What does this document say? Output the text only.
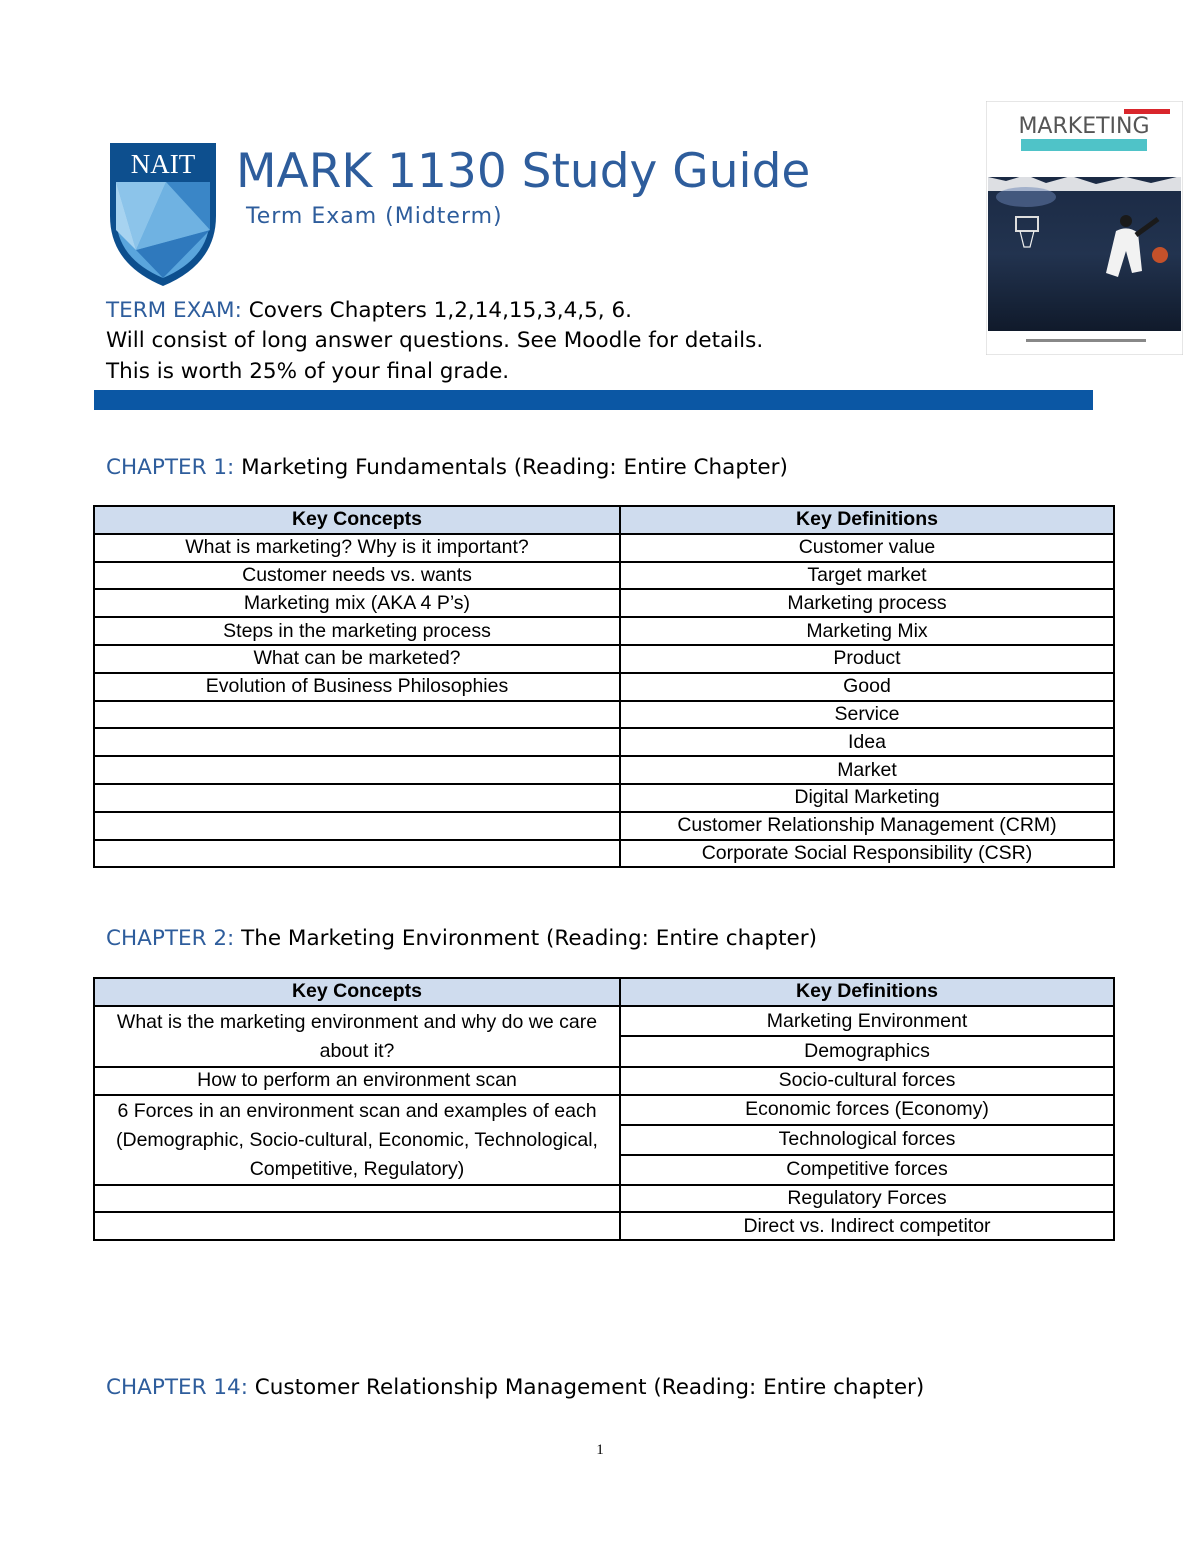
NAIT MARK 1130 Study Guide
Term Exam (Midterm)
MARKETING
TERM EXAM: Covers Chapters 1,2,14,15,3,4,5, 6.
Will consist of long answer questions. See Moodle for details.
This is worth 25% of your final grade.
CHAPTER 1: Marketing Fundamentals (Reading: Entire Chapter)
Key Concepts	Key Definitions
What is marketing? Why is it important?	Customer value
Customer needs vs. wants	Target market
Marketing mix (AKA 4 P’s)	Marketing process
Steps in the marketing process	Marketing Mix
What can be marketed?	Product
Evolution of Business Philosophies	Good
	Service
	Idea
	Market
	Digital Marketing
	Customer Relationship Management (CRM)
	Corporate Social Responsibility (CSR)
CHAPTER 2: The Marketing Environment (Reading: Entire chapter)
Key Concepts	Key Definitions
What is the marketing environment and why do we care about it?	Marketing Environment
	Demographics
How to perform an environment scan	Socio-cultural forces
6 Forces in an environment scan and examples of each (Demographic, Socio-cultural, Economic, Technological, Competitive, Regulatory)	Economic forces (Economy)
	Technological forces
	Competitive forces
	Regulatory Forces
	Direct vs. Indirect competitor
CHAPTER 14: Customer Relationship Management (Reading: Entire chapter)
1
